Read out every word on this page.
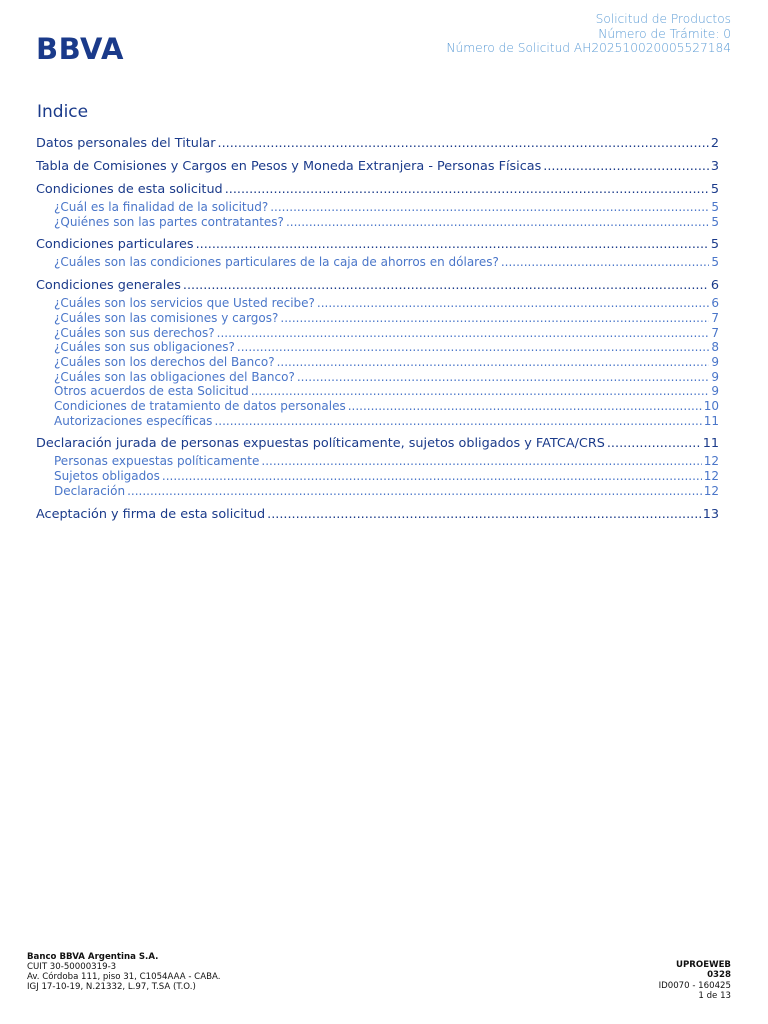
BBVA
Solicitud de Productos
Número de Trámite: 0
Número de Solicitud AH202510020005527184
Indice
Datos personales del Titular .....	2
Tabla de Comisiones y Cargos en Pesos y Moneda Extranjera - Personas Físicas .....	3
Condiciones de esta solicitud .....	5
¿Cuál es la finalidad de la solicitud? .....	5
¿Quiénes son las partes contratantes? .....	5
Condiciones particulares .....	5
¿Cuáles son las condiciones particulares de la caja de ahorros en dólares? .....	5
Condiciones generales .....	6
¿Cuáles son los servicios que Usted recibe? .....	6
¿Cuáles son las comisiones y cargos? .....	7
¿Cuáles son sus derechos? .....	7
¿Cuáles son sus obligaciones? .....	8
¿Cuáles son los derechos del Banco? .....	9
¿Cuáles son las obligaciones del Banco? .....	9
Otros acuerdos de esta Solicitud .....	9
Condiciones de tratamiento de datos personales .....	10
Autorizaciones específicas .....	11
Declaración jurada de personas expuestas políticamente, sujetos obligados y FATCA/CRS .....	11
Personas expuestas políticamente .....	12
Sujetos obligados .....	12
Declaración .....	12
Aceptación y firma de esta solicitud .....	13
Banco BBVA Argentina S.A.
CUIT 30-50000319-3
Av. Córdoba 111, piso 31, C1054AAA - CABA.
IGJ 17-10-19, N.21332, L.97, T.SA (T.O.)
UPROEWEB
0328
ID0070 - 160425
1 de 13
